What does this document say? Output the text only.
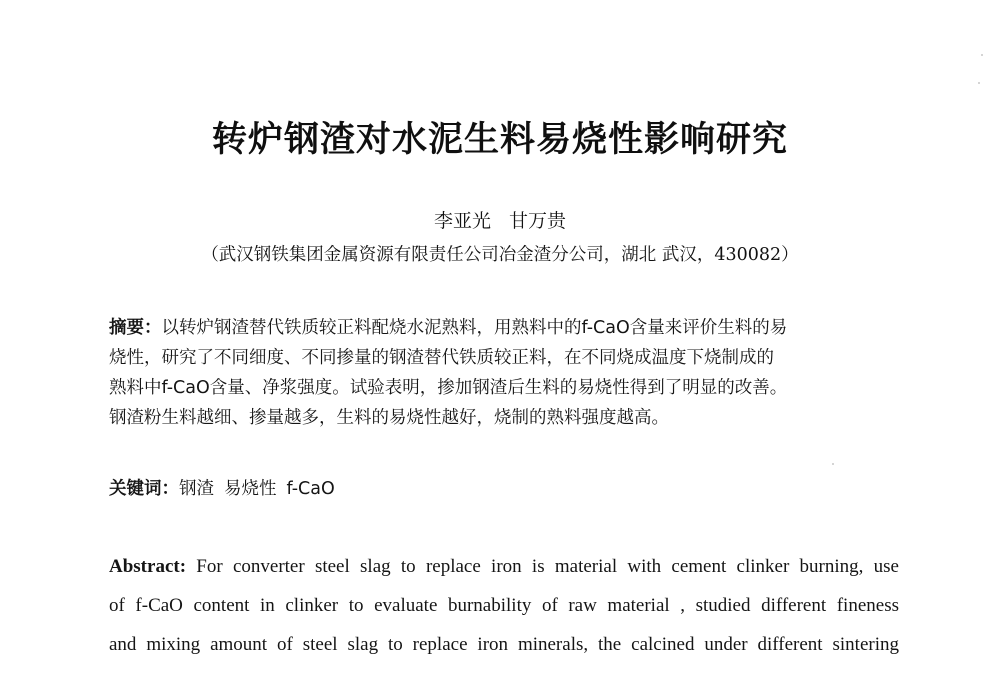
转炉钢渣对水泥生料易烧性影响研究
李亚光 甘万贵
（武汉钢铁集团金属资源有限责任公司冶金渣分公司，湖北 武汉，430082）
摘要：以转炉钢渣替代铁质较正料配烧水泥熟料，用熟料中的f-CaO含量来评价生料的易
烧性，研究了不同细度、不同掺量的钢渣替代铁质较正料，在不同烧成温度下烧制成的
熟料中f-CaO含量、净浆强度。试验表明，掺加钢渣后生料的易烧性得到了明显的改善。
钢渣粉生料越细、掺量越多，生料的易烧性越好，烧制的熟料强度越高。
关键词：钢渣 易烧性 f-CaO
Abstract: For converter steel slag to replace iron is material with cement clinker burning, use
of f-CaO content in clinker to evaluate burnability of raw material , studied different fineness
and mixing amount of steel slag to replace iron minerals, the calcined under different sintering
